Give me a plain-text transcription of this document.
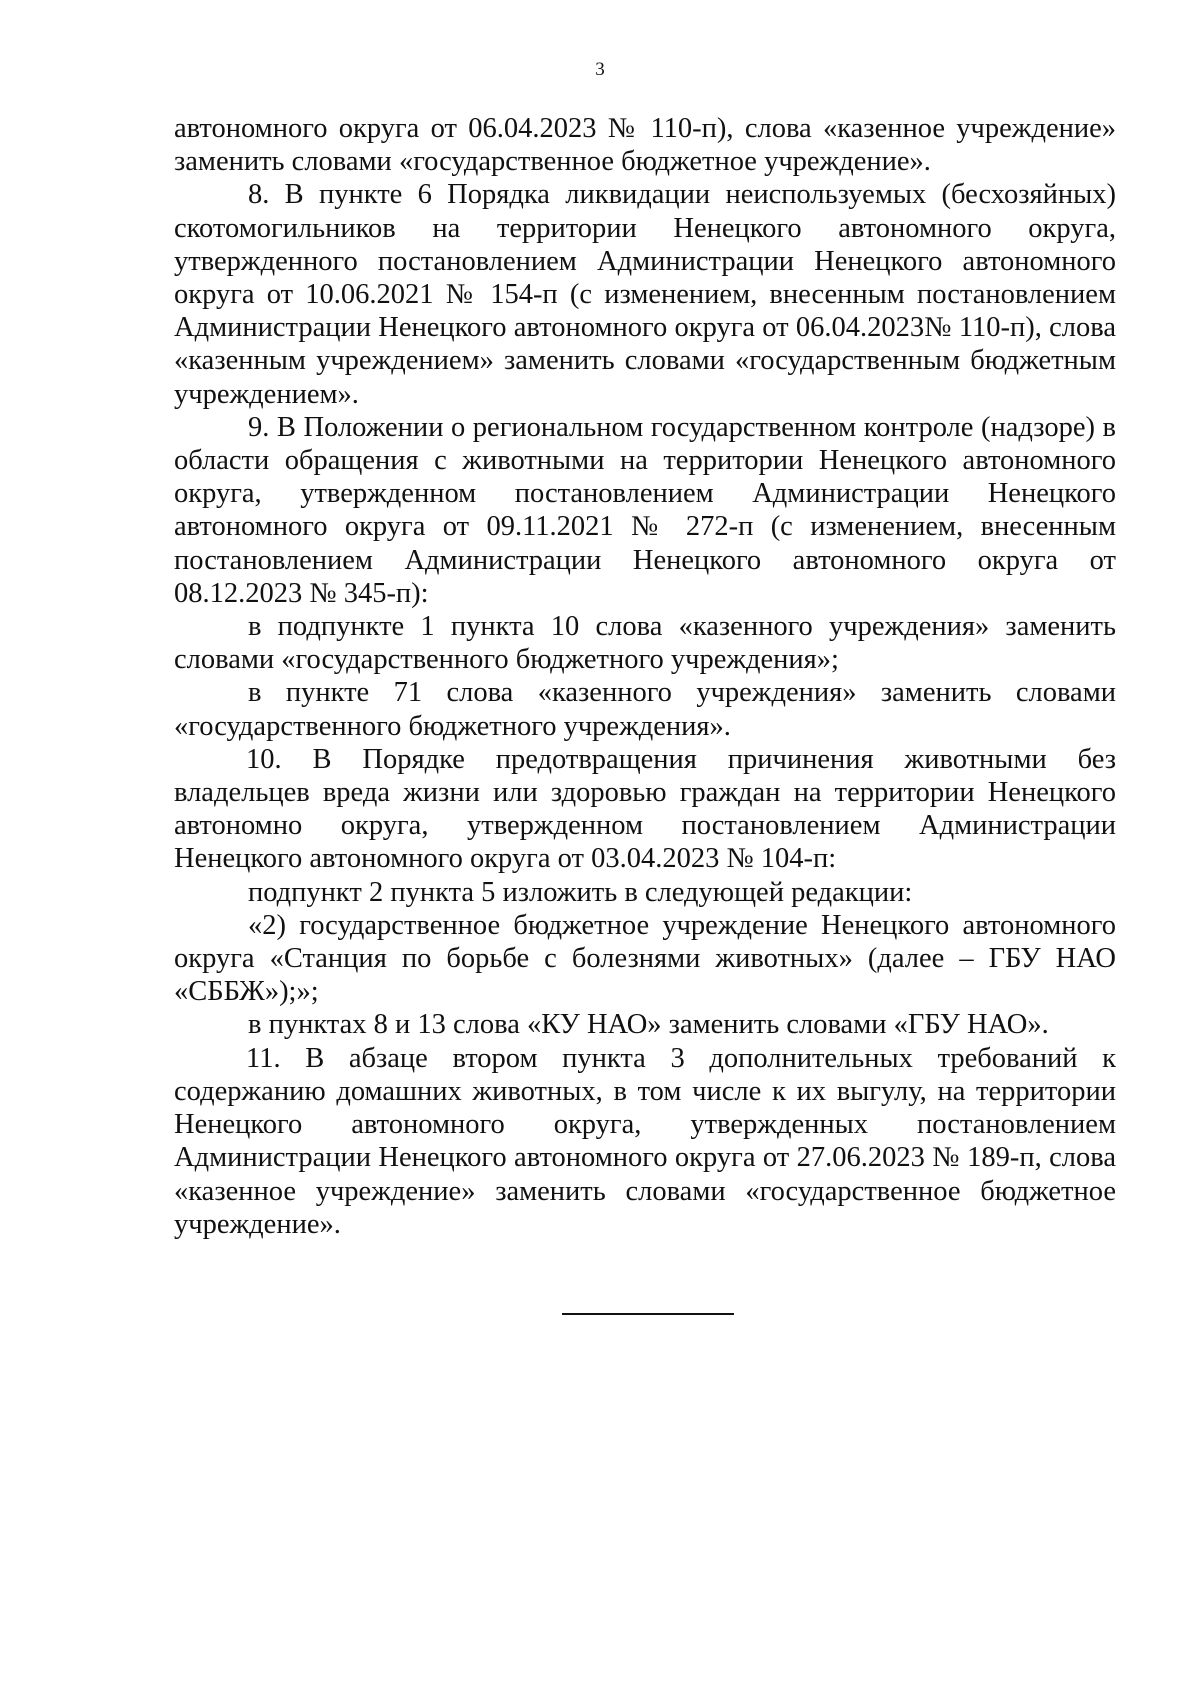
3

автономного округа от 06.04.2023 № 110-п), слова «казенное учреждение» заменить словами «государственное бюджетное учреждение».

8. В пункте 6 Порядка ликвидации неиспользуемых (бесхозяйных) скотомогильников на территории Ненецкого автономного округа, утвержденного постановлением Администрации Ненецкого автономного округа от 10.06.2021 № 154-п (с изменением, внесенным постановлением Администрации Ненецкого автономного округа от 06.04.2023№ 110-п), слова «казенным учреждением» заменить словами «государственным бюджетным учреждением».

9. В Положении о региональном государственном контроле (надзоре) в области обращения с животными на территории Ненецкого автономного округа, утвержденном постановлением Администрации Ненецкого автономного округа от 09.11.2021 № 272-п (с изменением, внесенным постановлением Администрации Ненецкого автономного округа от 08.12.2023 № 345-п):

в подпункте 1 пункта 10 слова «казенного учреждения» заменить словами «государственного бюджетного учреждения»;

в пункте 71 слова «казенного учреждения» заменить словами «государственного бюджетного учреждения».

10. В Порядке предотвращения причинения животными без владельцев вреда жизни или здоровью граждан на территории Ненецкого автономно округа, утвержденном постановлением Администрации Ненецкого автономного округа от 03.04.2023 № 104-п:

подпункт 2 пункта 5 изложить в следующей редакции:

«2) государственное бюджетное учреждение Ненецкого автономного округа «Станция по борьбе с болезнями животных» (далее – ГБУ НАО «СББЖ»);»;

в пунктах 8 и 13 слова «КУ НАО» заменить словами «ГБУ НАО».

11. В абзаце втором пункта 3 дополнительных требований к содержанию домашних животных, в том числе к их выгулу, на территории Ненецкого автономного округа, утвержденных постановлением Администрации Ненецкого автономного округа от 27.06.2023 № 189-п, слова «казенное учреждение» заменить словами «государственное бюджетное учреждение».
